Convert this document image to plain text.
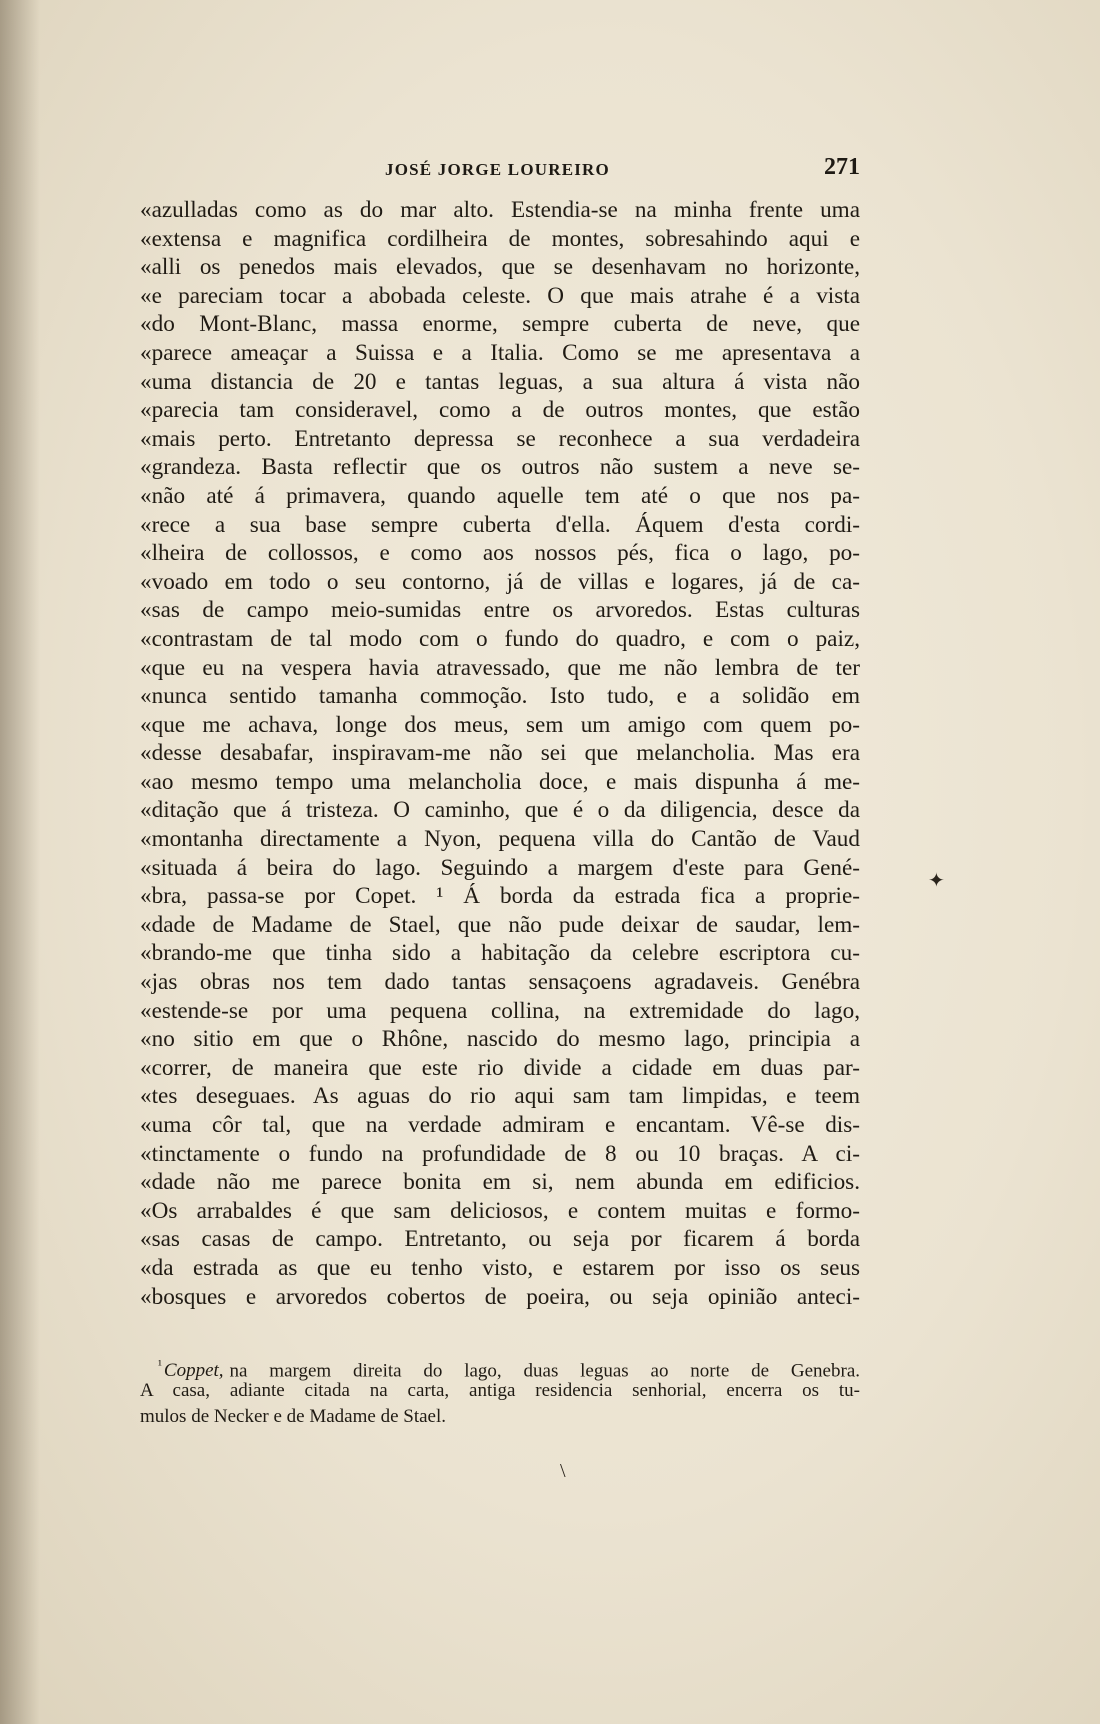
JOSÉ JORGE LOUREIRO	271
«azulladas como as do mar alto. Estendia-se na minha frente uma
«extensa e magnifica cordilheira de montes, sobresahindo aqui e
«alli os penedos mais elevados, que se desenhavam no horizonte,
«e pareciam tocar a abobada celeste. O que mais atrahe é a vista
«do Mont-Blanc, massa enorme, sempre cuberta de neve, que
«parece ameaçar a Suissa e a Italia. Como se me apresentava a
«uma distancia de 20 e tantas leguas, a sua altura á vista não
«parecia tam consideravel, como a de outros montes, que estão
«mais perto. Entretanto depressa se reconhece a sua verdadeira
«grandeza. Basta reflectir que os outros não sustem a neve se-
«não até á primavera, quando aquelle tem até o que nos pa-
«rece a sua base sempre cuberta d'ella. Áquem d'esta cordi-
«lheira de collossos, e como aos nossos pés, fica o lago, po-
«voado em todo o seu contorno, já de villas e logares, já de ca-
«sas de campo meio-sumidas entre os arvoredos. Estas culturas
«contrastam de tal modo com o fundo do quadro, e com o paiz,
«que eu na vespera havia atravessado, que me não lembra de ter
«nunca sentido tamanha commoção. Isto tudo, e a solidão em
«que me achava, longe dos meus, sem um amigo com quem po-
«desse desabafar, inspiravam-me não sei que melancholia. Mas era
«ao mesmo tempo uma melancholia doce, e mais dispunha á me-
«ditação que á tristeza. O caminho, que é o da diligencia, desce da
«montanha directamente a Nyon, pequena villa do Cantão de Vaud
«situada á beira do lago. Seguindo a margem d'este para Gené-
«bra, passa-se por Copet. ¹ Á borda da estrada fica a proprie-
«dade de Madame de Stael, que não pude deixar de saudar, lem-
«brando-me que tinha sido a habitação da celebre escriptora cu-
«jas obras nos tem dado tantas sensaçoens agradaveis. Genébra
«estende-se por uma pequena collina, na extremidade do lago,
«no sitio em que o Rhône, nascido do mesmo lago, principia a
«correr, de maneira que este rio divide a cidade em duas par-
«tes deseguaes. As aguas do rio aqui sam tam limpidas, e teem
«uma côr tal, que na verdade admiram e encantam. Vê-se dis-
«tinctamente o fundo na profundidade de 8 ou 10 braças. A ci-
«dade não me parece bonita em si, nem abunda em edificios.
«Os arrabaldes é que sam deliciosos, e contem muitas e formo-
«sas casas de campo. Entretanto, ou seja por ficarem á borda
«da estrada as que eu tenho visto, e estarem por isso os seus
«bosques e arvoredos cobertos de poeira, ou seja opinião anteci-
$^{^1}$ Coppet, na margem direita do lago, duas leguas ao norte de Genebra.
A casa, adiante citada na carta, antiga residencia senhorial, encerra os tu-
mulos de Necker e de Madame de Stael.
✦
\
